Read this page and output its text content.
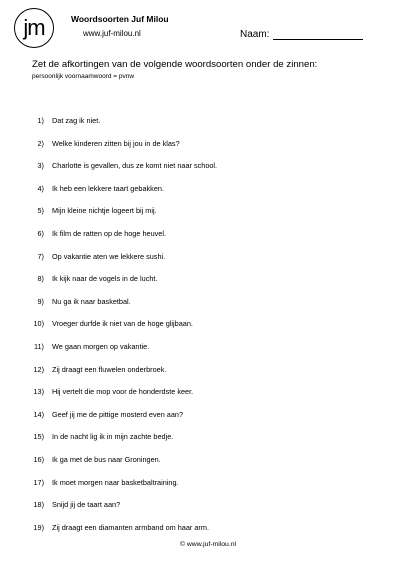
jm	Woordsoorten Juf Milou
www.juf-milou.nl	Naam:
Zet de afkortingen van de volgende woordsoorten onder de zinnen:
persoonlijk voornaamwoord = pvnw
1) Dat zag ik niet.
2) Welke kinderen zitten bij jou in de klas?
3) Charlotte is gevallen, dus ze komt niet naar school.
4) Ik heb een lekkere taart gebakken.
5) Mijn kleine nichtje logeert bij mij.
6) Ik film de ratten op de hoge heuvel.
7) Op vakantie aten we lekkere sushi.
8) Ik kijk naar de vogels in de lucht.
9) Nu ga ik naar basketbal.
10) Vroeger durfde ik niet van de hoge glijbaan.
11) We gaan morgen op vakantie.
12) Zij draagt een fluwelen onderbroek.
13) Hij vertelt die mop voor de honderdste keer.
14) Geef jij me de pittige mosterd even aan?
15) In de nacht lig ik in mijn zachte bedje.
16) Ik ga met de bus naar Groningen.
17) Ik moet morgen naar basketbaltraining.
18) Snijd jij de taart aan?
19) Zij draagt een diamanten armband om haar arm.
© www.juf-milou.nl
